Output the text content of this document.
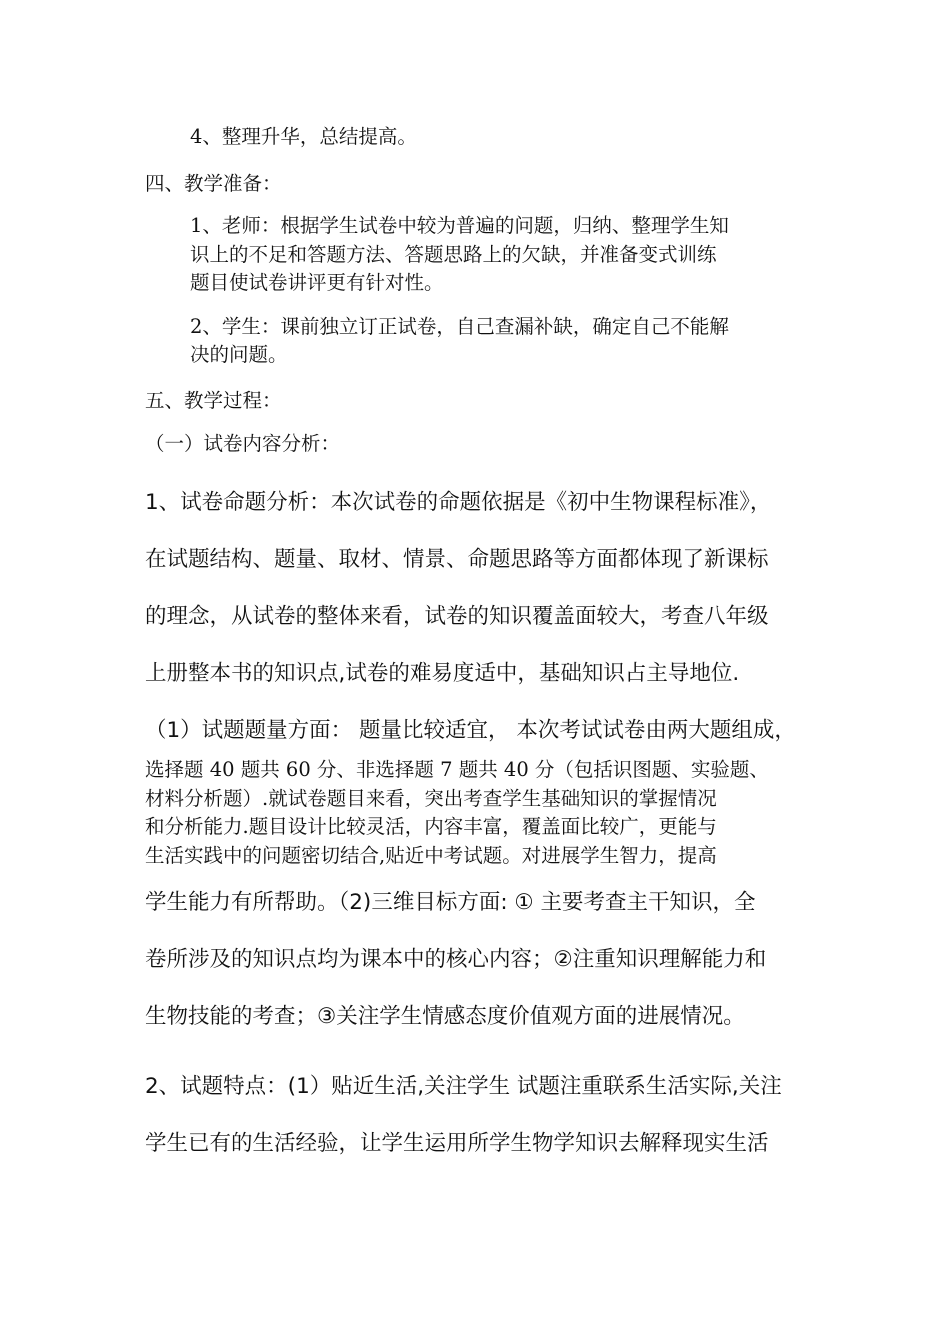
4、整理升华，总结提高。
四、教学准备：
1、老师：根据学生试卷中较为普遍的问题，归纳、整理学生知
识上的不足和答题方法、答题思路上的欠缺，并准备变式训练
题目使试卷讲评更有针对性。
2、学生：课前独立订正试卷，自己查漏补缺，确定自己不能解
决的问题。
五、教学过程：
（一）试卷内容分析：
1、试卷命题分析：本次试卷的命题依据是《初中生物课程标准》，
在试题结构、题量、取材、情景、命题思路等方面都体现了新课标
的理念，从试卷的整体来看，试卷的知识覆盖面较大，考查八年级
上册整本书的知识点,试卷的难易度适中，基础知识占主导地位.
（1）试题题量方面： 题量比较适宜， 本次考试试卷由两大题组成，
选择题 40 题共 60 分、非选择题 7 题共 40 分（包括识图题、实验题、
材料分析题）.就试卷题目来看，突出考查学生基础知识的掌握情况
和分析能力.题目设计比较灵活，内容丰富，覆盖面比较广，更能与
生活实践中的问题密切结合,贴近中考试题。对进展学生智力，提高
学生能力有所帮助。（2)三维目标方面: ① 主要考查主干知识，全
卷所涉及的知识点均为课本中的核心内容；②注重知识理解能力和
生物技能的考查；③关注学生情感态度价值观方面的进展情况。
2、试题特点：(1）贴近生活,关注学生 试题注重联系生活实际,关注
学生已有的生活经验，让学生运用所学生物学知识去解释现实生活
